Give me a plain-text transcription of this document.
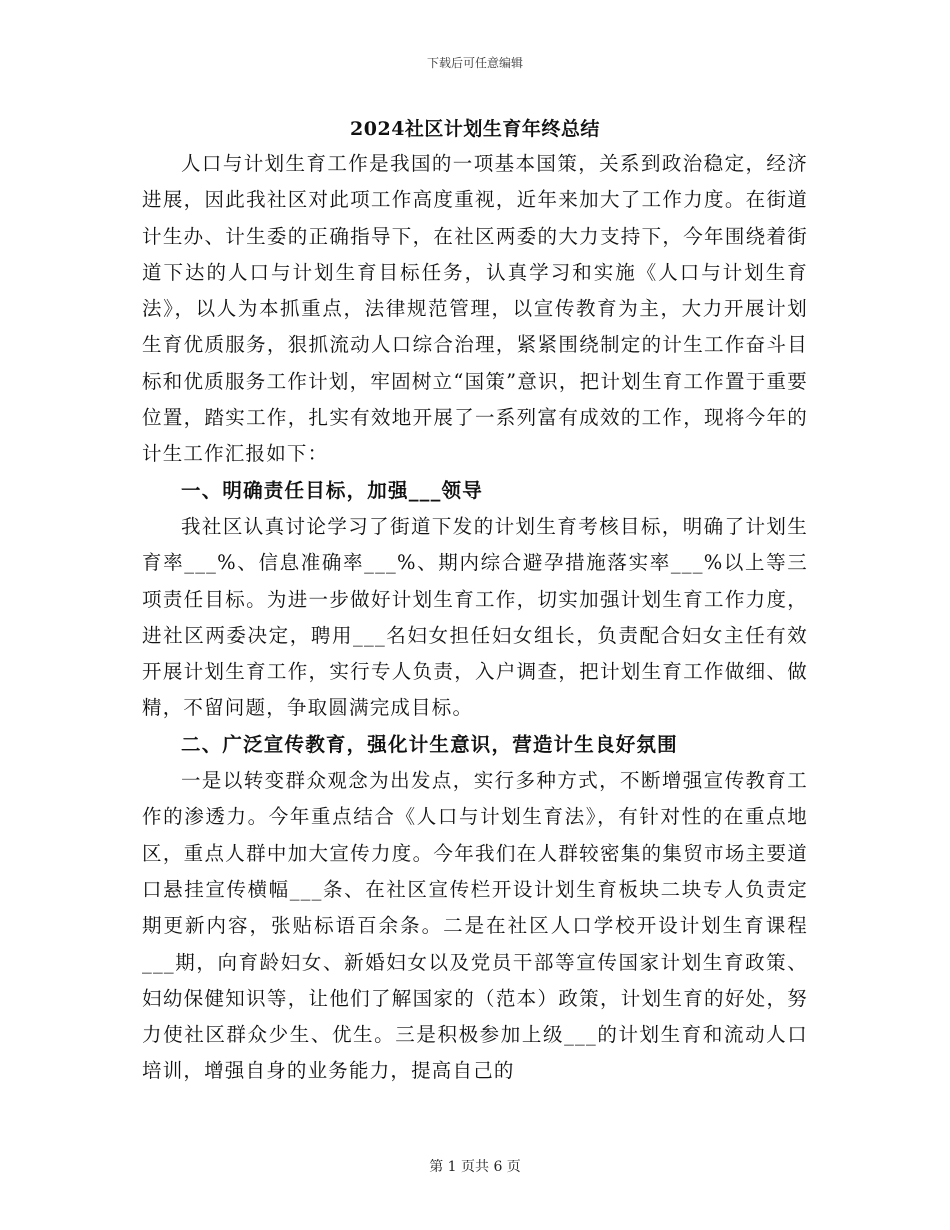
下载后可任意编辑
2024社区计划生育年终总结

人口与计划生育工作是我国的一项基本国策，关系到政治稳定，经济进展，因此我社区对此项工作高度重视，近年来加大了工作力度。在街道计生办、计生委的正确指导下，在社区两委的大力支持下，今年围绕着街道下达的人口与计划生育目标任务，认真学习和实施《人口与计划生育法》，以人为本抓重点，法律规范管理，以宣传教育为主，大力开展计划生育优质服务，狠抓流动人口综合治理，紧紧围绕制定的计生工作奋斗目标和优质服务工作计划，牢固树立“国策”意识，把计划生育工作置于重要位置，踏实工作，扎实有效地开展了一系列富有成效的工作，现将今年的计生工作汇报如下：

一、明确责任目标，加强___领导

我社区认真讨论学习了街道下发的计划生育考核目标，明确了计划生育率___%、信息准确率___%、期内综合避孕措施落实率___%以上等三项责任目标。为进一步做好计划生育工作，切实加强计划生育工作力度，进社区两委决定，聘用___名妇女担任妇女组长，负责配合妇女主任有效开展计划生育工作，实行专人负责，入户调查，把计划生育工作做细、做精，不留问题，争取圆满完成目标。

二、广泛宣传教育，强化计生意识，营造计生良好氛围

一是以转变群众观念为出发点，实行多种方式，不断增强宣传教育工作的渗透力。今年重点结合《人口与计划生育法》，有针对性的在重点地区，重点人群中加大宣传力度。今年我们在人群较密集的集贸市场主要道口悬挂宣传横幅___条、在社区宣传栏开设计划生育板块二块专人负责定期更新内容，张贴标语百余条。二是在社区人口学校开设计划生育课程___期，向育龄妇女、新婚妇女以及党员干部等宣传国家计划生育政策、妇幼保健知识等，让他们了解国家的（范本）政策，计划生育的好处，努力使社区群众少生、优生。三是积极参加上级___的计划生育和流动人口培训，增强自身的业务能力，提高自己的

第 1 页共 6 页
